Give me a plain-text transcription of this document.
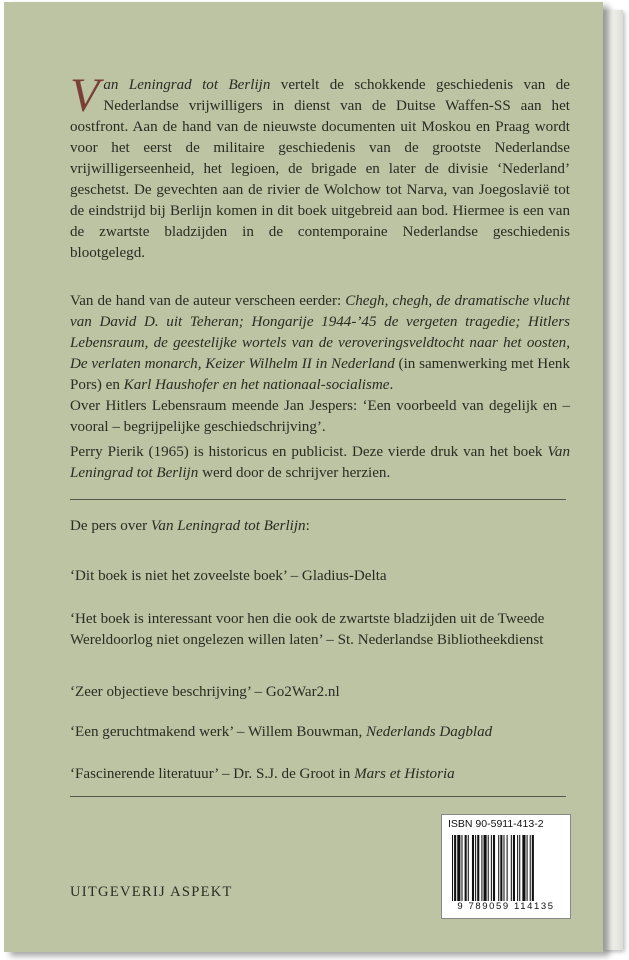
Van Leningrad tot Berlijn vertelt de schokkende geschiedenis van de Nederlandse vrijwilligers in dienst van de Duitse Waffen-SS aan het oostfront. Aan de hand van de nieuwste documenten uit Moskou en Praag wordt voor het eerst de militaire geschiedenis van de grootste Nederlandse vrijwilligerseenheid, het legioen, de brigade en later de divisie ‘Nederland’ geschetst. De gevechten aan de rivier de Wolchow tot Narva, van Joegoslavië tot de eindstrijd bij Berlijn komen in dit boek uitgebreid aan bod. Hiermee is een van de zwartste bladzijden in de contemporaine Nederlandse geschiedenis blootgelegd.
Van de hand van de auteur verscheen eerder: Chegh, chegh, de dramatische vlucht van David D. uit Teheran; Hongarije 1944-’45 de vergeten tragedie; Hitlers Lebensraum, de geestelijke wortels van de veroveringsveldtocht naar het oosten, De verlaten monarch, Keizer Wilhelm II in Nederland (in samenwerking met Henk Pors) en Karl Haushofer en het nationaal-socialisme.
Over Hitlers Lebensraum meende Jan Jespers: ‘Een voorbeeld van degelijk en – vooral – begrijpelijke geschiedschrijving’.
Perry Pierik (1965) is historicus en publicist. Deze vierde druk van het boek Van Leningrad tot Berlijn werd door de schrijver herzien.
De pers over Van Leningrad tot Berlijn:
‘Dit boek is niet het zoveelste boek’ – Gladius-Delta
‘Het boek is interessant voor hen die ook de zwartste bladzijden uit de Tweede Wereldoorlog niet ongelezen willen laten’ – St. Nederlandse Bibliotheekdienst
‘Zeer objectieve beschrijving’ – Go2War2.nl
‘Een geruchtmakend werk’ – Willem Bouwman, Nederlands Dagblad
‘Fascinerende literatuur’ – Dr. S.J. de Groot in Mars et Historia
UITGEVERIJ ASPEKT
ISBN 90-5911-413-2
9 789059 114135
